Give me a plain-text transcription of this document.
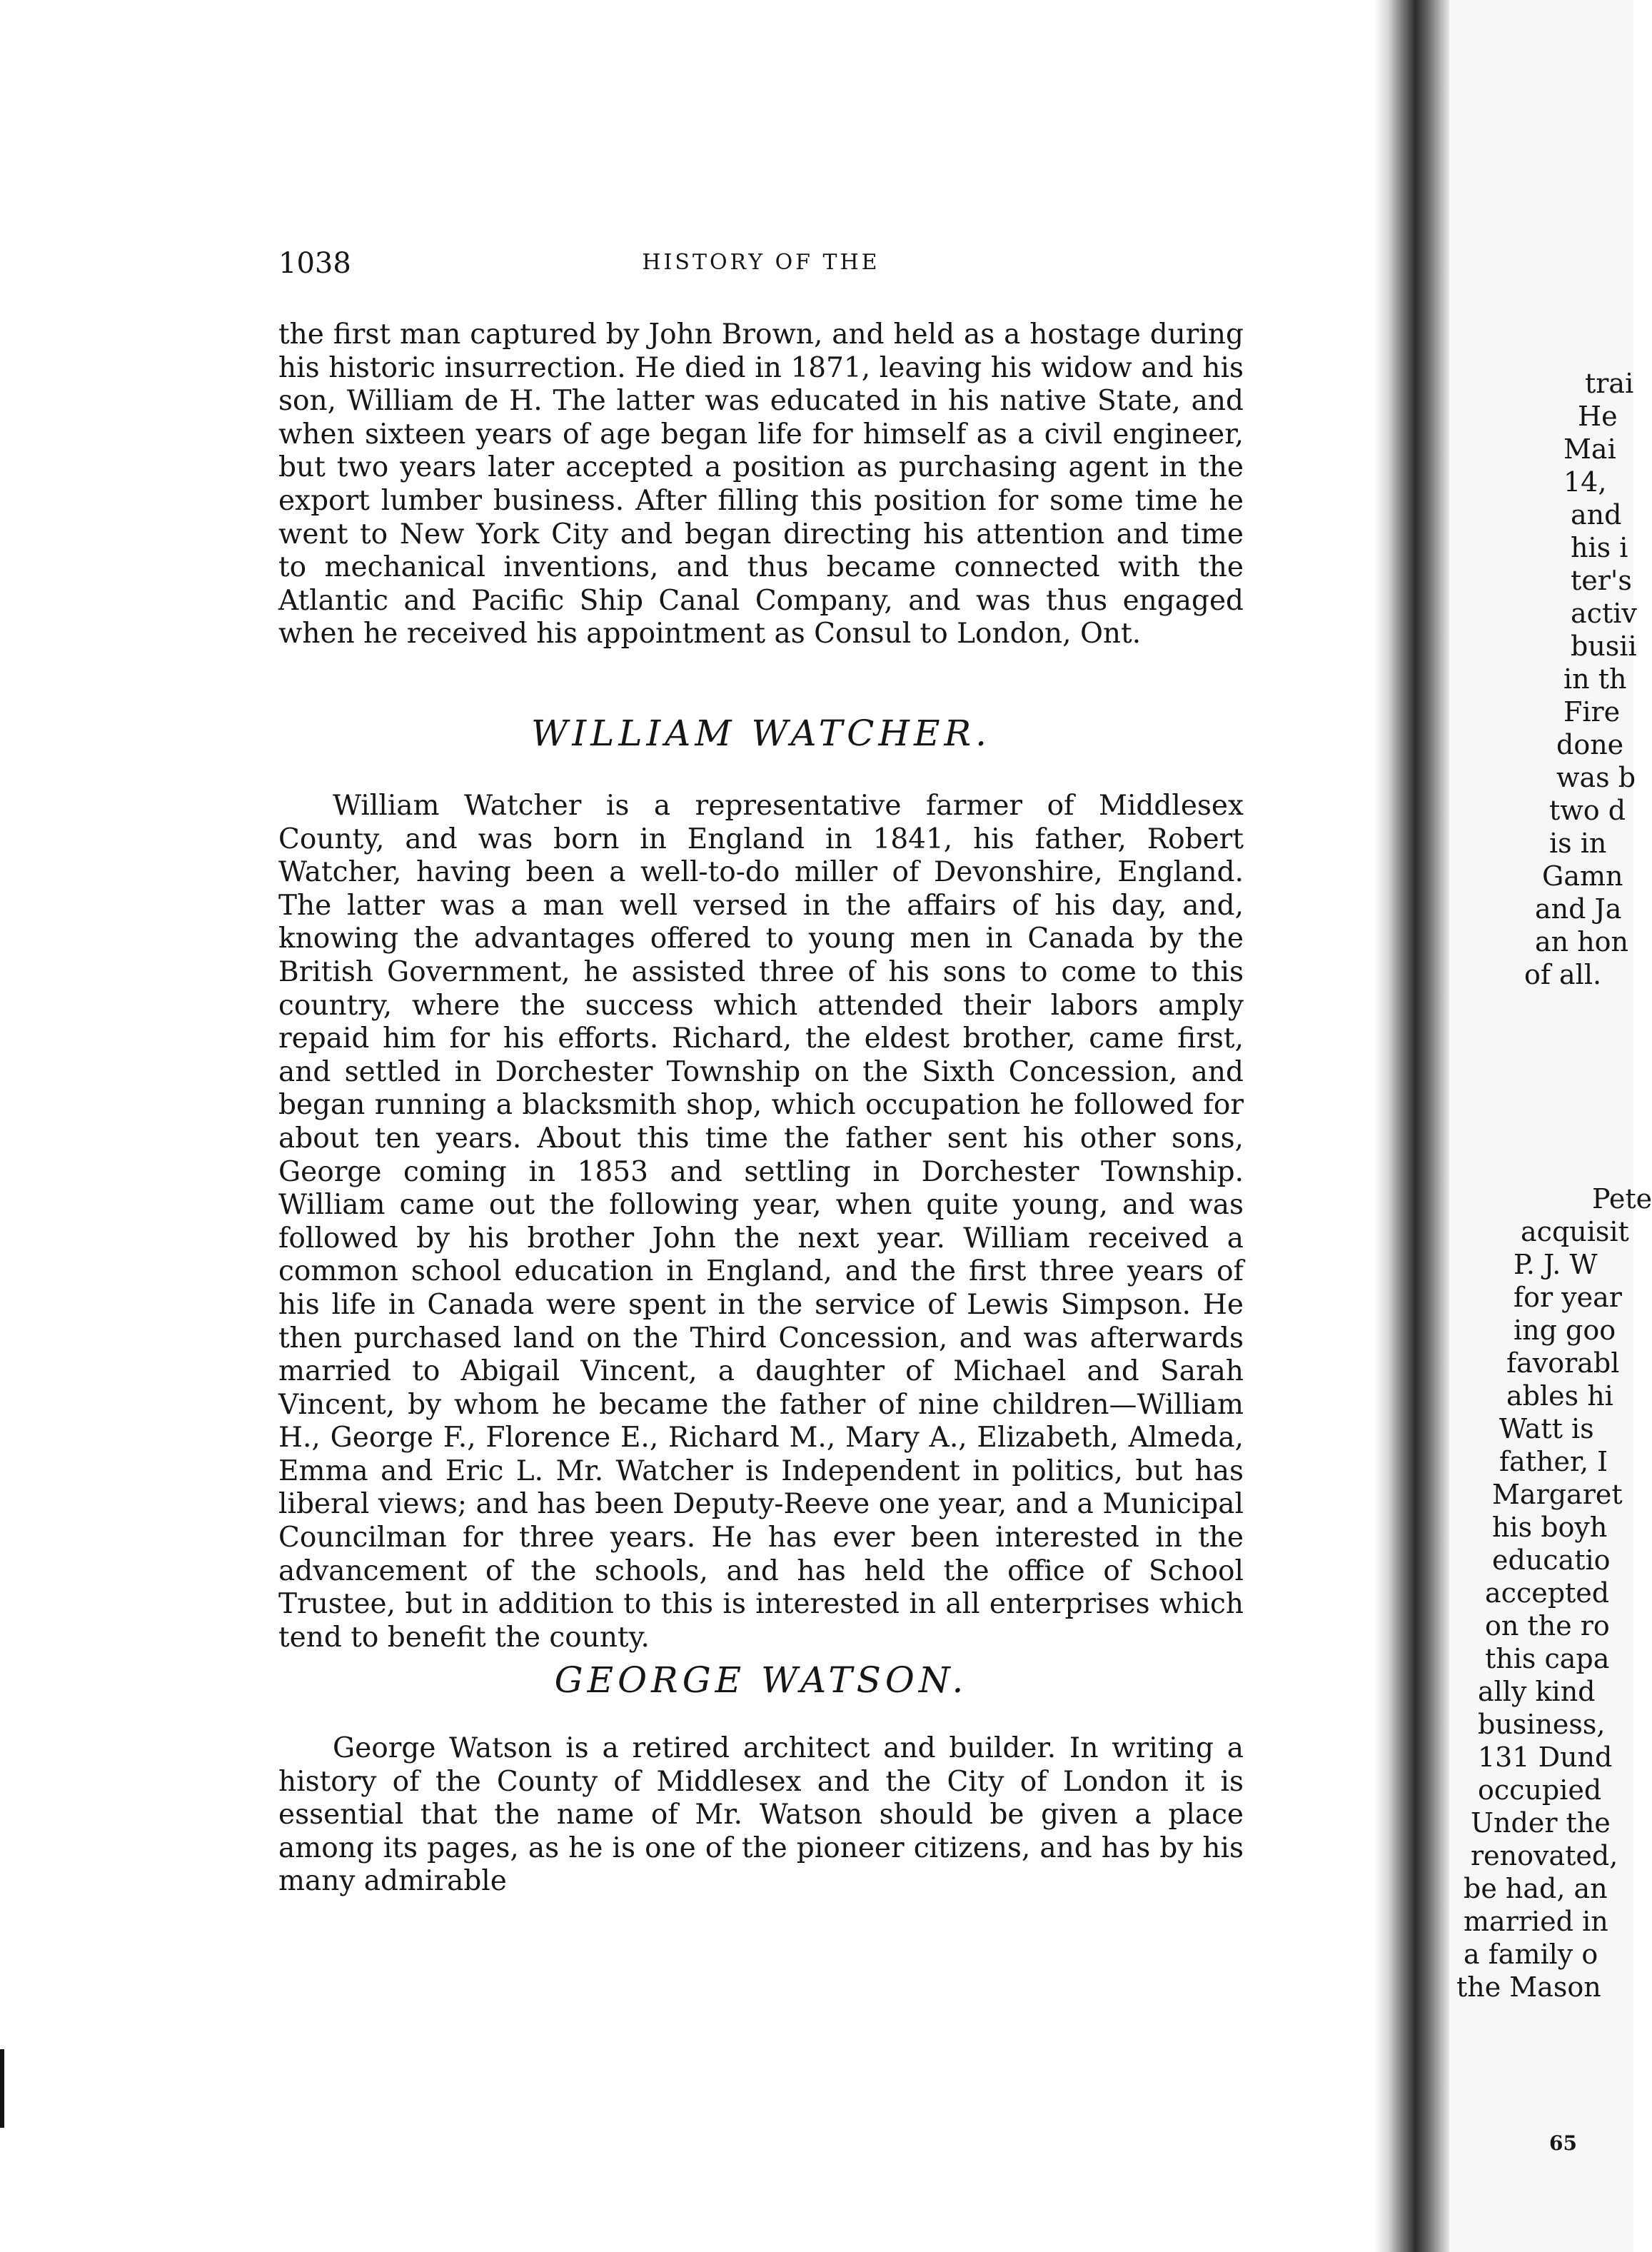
1038	HISTORY OF THE

the first man captured by John Brown, and held as a hostage during his historic insurrection. He died in 1871, leaving his widow and his son, William de H. The latter was educated in his native State, and when sixteen years of age began life for himself as a civil engineer, but two years later accepted a position as purchasing agent in the export lumber business. After filling this position for some time he went to New York City and began directing his attention and time to mechanical inventions, and thus became connected with the Atlantic and Pacific Ship Canal Company, and was thus engaged when he received his appointment as Consul to London, Ont.

WILLIAM WATCHER.

William Watcher is a representative farmer of Middlesex County, and was born in England in 1841, his father, Robert Watcher, having been a well-to-do miller of Devonshire, England. The latter was a man well versed in the affairs of his day, and, knowing the advantages offered to young men in Canada by the British Government, he assisted three of his sons to come to this country, where the success which attended their labors amply repaid him for his efforts. Richard, the eldest brother, came first, and settled in Dorchester Township on the Sixth Concession, and began running a blacksmith shop, which occupation he followed for about ten years. About this time the father sent his other sons, George coming in 1853 and settling in Dorchester Township. William came out the following year, when quite young, and was followed by his brother John the next year. William received a common school education in England, and the first three years of his life in Canada were spent in the service of Lewis Simpson. He then purchased land on the Third Concession, and was afterwards married to Abigail Vincent, a daughter of Michael and Sarah Vincent, by whom he became the father of nine children—William H., George F., Florence E., Richard M., Mary A., Elizabeth, Almeda, Emma and Eric L. Mr. Watcher is Independent in politics, but has liberal views; and has been Deputy-Reeve one year, and a Municipal Councilman for three years. He has ever been interested in the advancement of the schools, and has held the office of School Trustee, but in addition to this is interested in all enterprises which tend to benefit the county.

GEORGE WATSON.

George Watson is a retired architect and builder. In writing a history of the County of Middlesex and the City of London it is essential that the name of Mr. Watson should be given a place among its pages, as he is one of the pioneer citizens, and has by his many admirable

trai
He
Mai
14,
and
his i
ter's
activ
busii
in th
Fire
done
was b
two d
is in
Gamn
and Ja
an hon
of all.
Pete
acquisit
P. J. W
for year
ing goo
favorabl
ables hi
Watt is
father, I
Margaret
his boyh
educatio
accepted
on the ro
this capa
ally kind
business,
131 Dund
occupied
Under the
renovated,
be had, an
married in
a family o
the Mason
65
